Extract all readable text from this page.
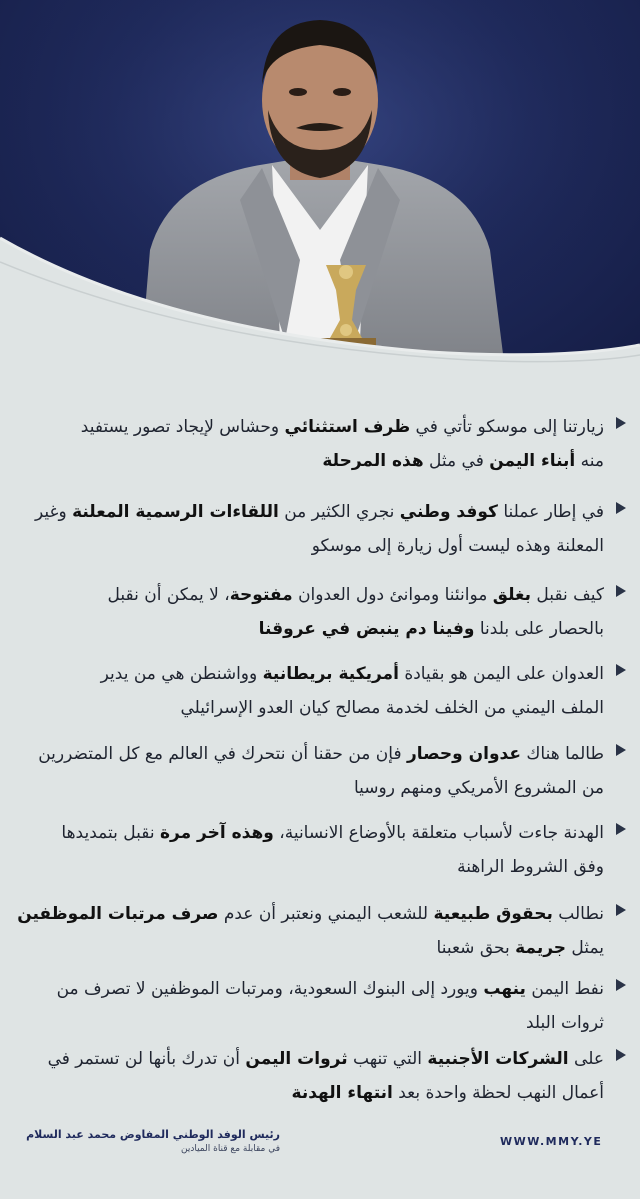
زيارتنا إلى موسكو تأتي في ظرف استثنائي وحشاس لإيجاد تصور يستفيد
منه أبناء اليمن في مثل هذه المرحلة
في إطار عملنا كوفد وطني نجري الكثير من اللقاءات الرسمية المعلنة وغير
المعلنة وهذه ليست أول زيارة إلى موسكو
كيف نقبل بغلق موانئنا وموانئ دول العدوان مفتوحة، لا يمكن أن نقبل
بالحصار على بلدنا وفينا دم ينبض في عروقنا
العدوان على اليمن هو بقيادة أمريكية بريطانية وواشنطن هي من يدير
الملف اليمني من الخلف لخدمة مصالح كيان العدو الإسرائيلي
طالما هناك عدوان وحصار فإن من حقنا أن نتحرك في العالم مع كل المتضررين
من المشروع الأمريكي ومنهم روسيا
الهدنة جاءت لأسباب متعلقة بالأوضاع الانسانية، وهذه آخر مرة نقبل بتمديدها
وفق الشروط الراهنة
نطالب بحقوق طبيعية للشعب اليمني ونعتبر أن عدم صرف مرتبات الموظفين
يمثل جريمة بحق شعبنا
نفط اليمن ينهب ويورد إلى البنوك السعودية، ومرتبات الموظفين لا تصرف من
ثروات البلد
على الشركات الأجنبية التي تنهب ثروات اليمن أن تدرك بأنها لن تستمر في
أعمال النهب لحظة واحدة بعد انتهاء الهدنة
WWW.MMY.YE
رئيس الوفد الوطني المفاوض محمد عبد السلام
في مقابلة مع قناة الميادين
